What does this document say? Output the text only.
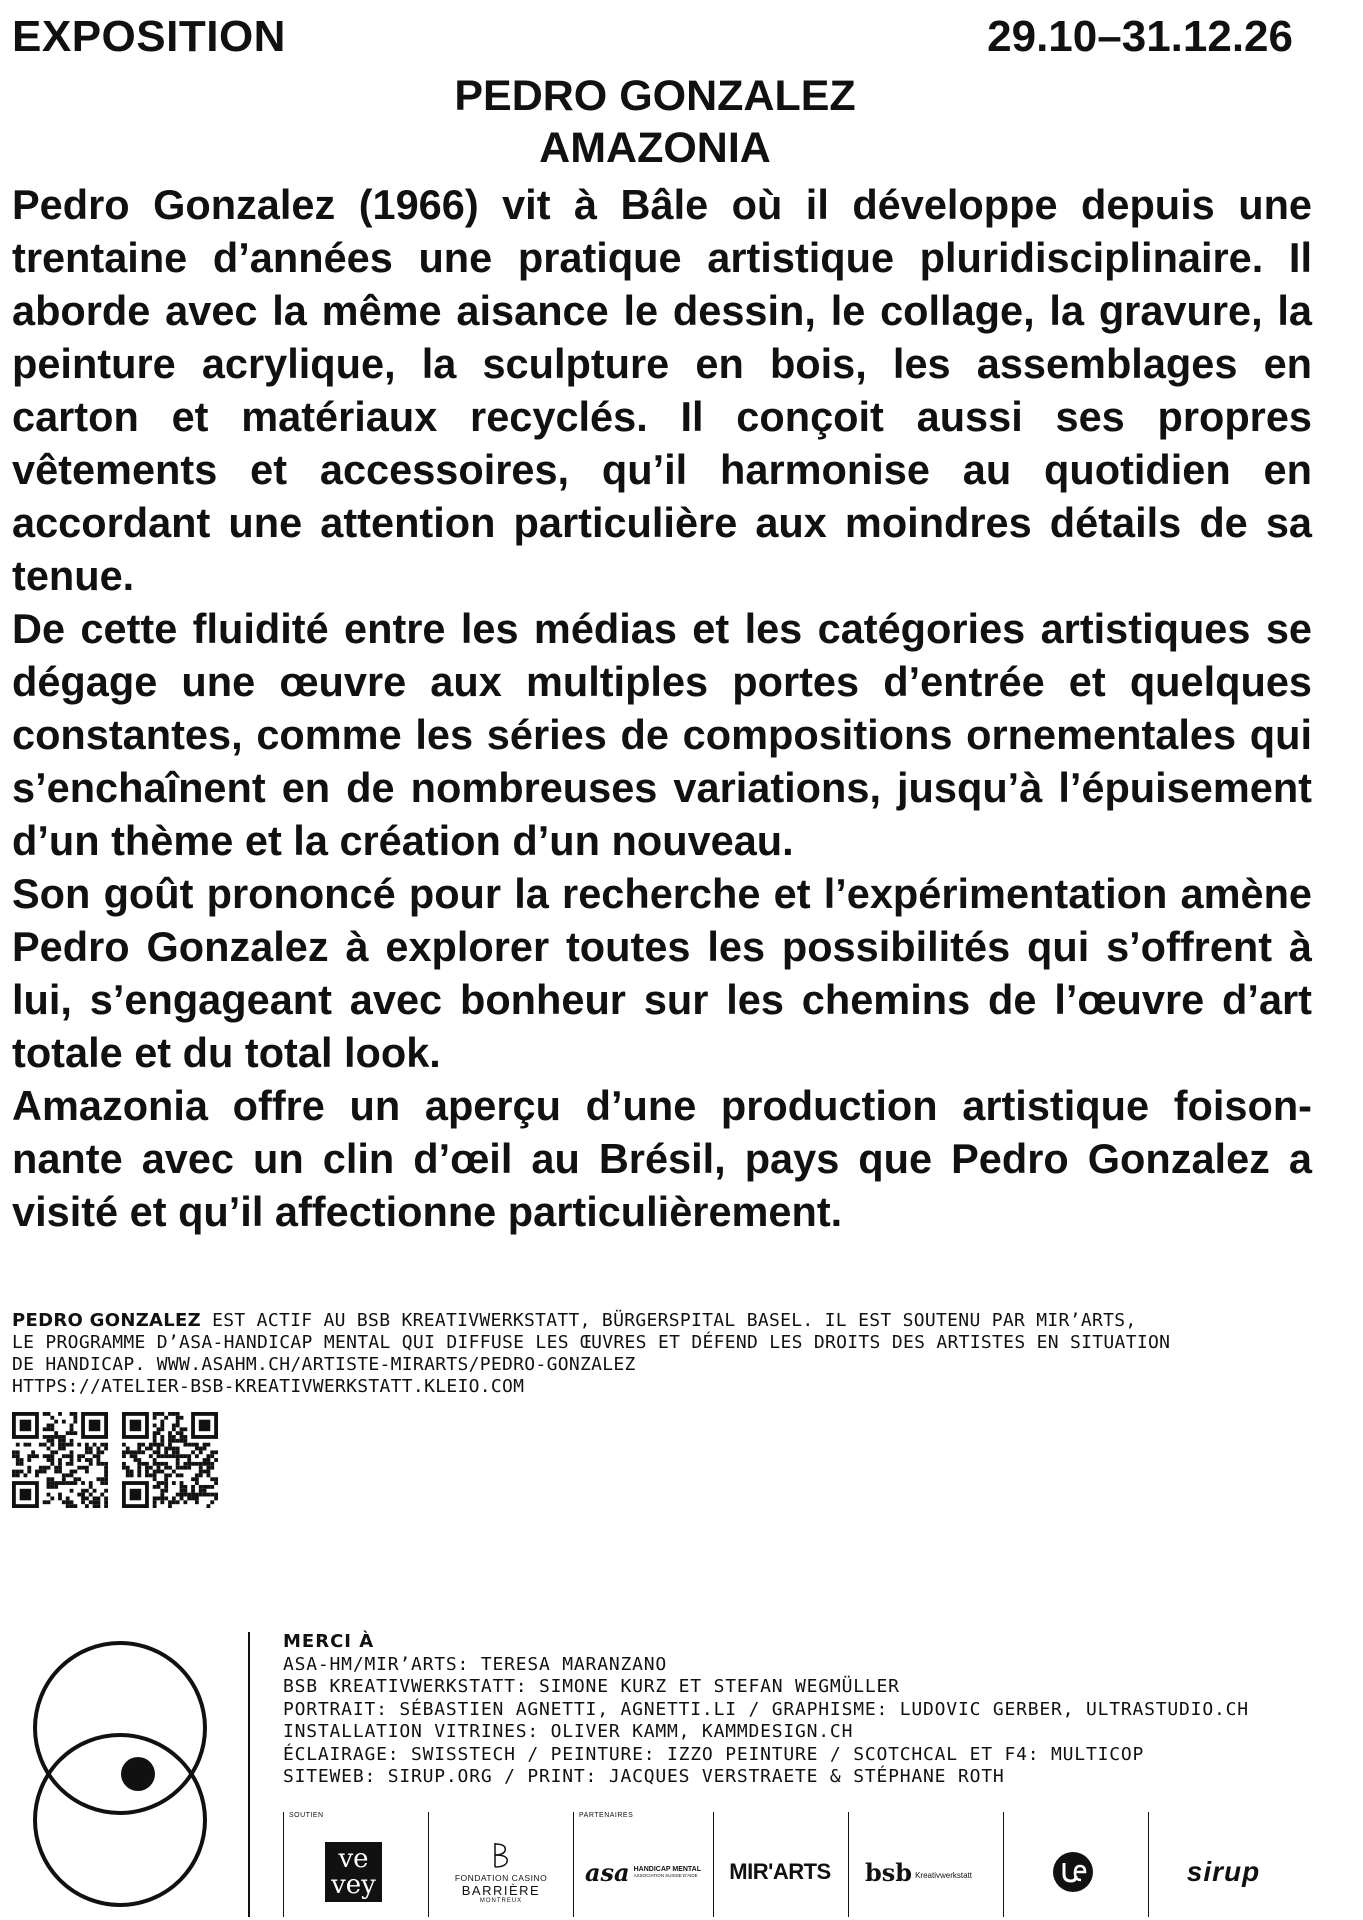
EXPOSITION	29.10–31.12.26
PEDRO GONZALEZ
AMAZONIA

Pedro Gonzalez (1966) vit à Bâle où il développe depuis une trentaine d’années une pratique artistique pluridisciplinaire. Il aborde avec la même aisance le dessin, le collage, la gravure, la peinture acrylique, la sculpture en bois, les assemblages en carton et matériaux recyclés. Il conçoit aussi ses propres vêtements et accessoires, qu’il harmonise au quotidien en accordant une attention particulière aux moindres détails de sa tenue.

De cette fluidité entre les médias et les catégories artistiques se dégage une œuvre aux multiples portes d’entrée et quelques constantes, comme les séries de compositions ornementales qui s’enchaînent en de nombreuses variations, jusqu’à l’épuisement d’un thème et la création d’un nouveau.

Son goût prononcé pour la recherche et l’expérimentation amène Pedro Gonzalez à explorer toutes les possibilités qui s’offrent à lui, s’engageant avec bonheur sur les chemins de l’œuvre d’art totale et du total look.

Amazonia offre un aperçu d’une production artistique foisonnante avec un clin d’œil au Brésil, pays que Pedro Gonzalez a visité et qu’il affectionne particulièrement.

PEDRO GONZALEZ EST ACTIF AU BSB KREATIVWERKSTATT, BÜRGERSPITAL BASEL. IL EST SOUTENU PAR MIR’ARTS,
LE PROGRAMME D’ASA-HANDICAP MENTAL QUI DIFFUSE LES ŒUVRES ET DÉFEND LES DROITS DES ARTISTES EN SITUATION
DE HANDICAP. WWW.ASAHM.CH/ARTISTE-MIRARTS/PEDRO-GONZALEZ
HTTPS://ATELIER-BSB-KREATIVWERKSTATT.KLEIO.COM
MERCI À
ASA-HM/MIR’ARTS: TERESA MARANZANO
BSB KREATIVWERKSTATT: SIMONE KURZ ET STEFAN WEGMÜLLER
PORTRAIT: SÉBASTIEN AGNETTI, AGNETTI.LI / GRAPHISME: LUDOVIC GERBER, ULTRASTUDIO.CH
INSTALLATION VITRINES: OLIVER KAMM, KAMMDESIGN.CH
ÉCLAIRAGE: SWISSTECH / PEINTURE: IZZO PEINTURE / SCOTCHCAL ET F4: MULTICOP
SITEWEB: SIRUP.ORG / PRINT: JACQUES VERSTRAETE & STÉPHANE ROTH
SOUTIEN
ve
vey	FONDATION CASINO
BARRIÈRE
MONTREUX
PARTENAIRES
asa HANDICAP MENTAL
ASSOCIATION SUISSE D'AIDE MIR'ARTS bsb Kreativwerkstatt	sirup
